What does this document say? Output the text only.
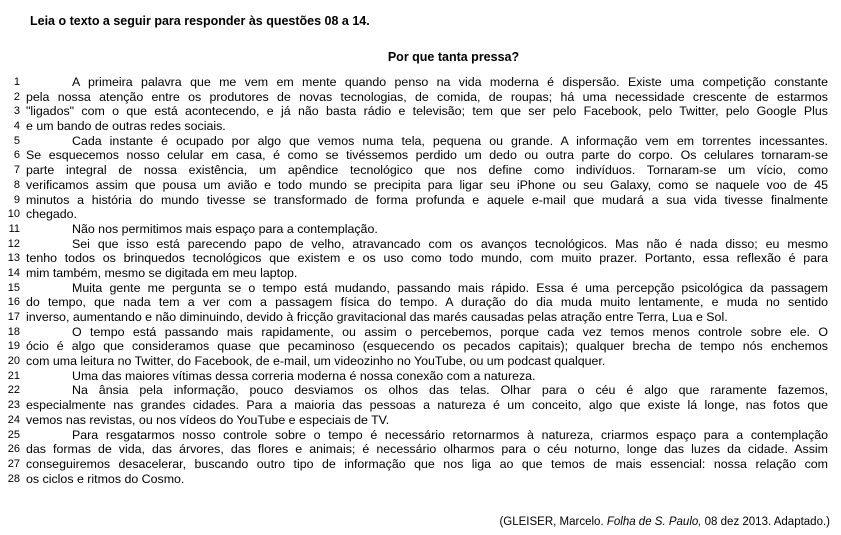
Leia o texto a seguir para responder às questões 08 a 14.
Por que tanta pressa?
1	A primeira palavra que me vem em mente quando penso na vida moderna é dispersão. Existe uma competição constante
2 pela nossa atenção entre os produtores de novas tecnologias, de comida, de roupas; há uma necessidade crescente de estarmos
3 "ligados" com o que está acontecendo, e já não basta rádio e televisão; tem que ser pelo Facebook, pelo Twitter, pelo Google Plus
4 e um bando de outras redes sociais.
5	Cada instante é ocupado por algo que vemos numa tela, pequena ou grande. A informação vem em torrentes incessantes.
6 Se esquecemos nosso celular em casa, é como se tivéssemos perdido um dedo ou outra parte do corpo. Os celulares tornaram-se
7 parte integral de nossa existência, um apêndice tecnológico que nos define como indivíduos. Tornaram-se um vício, como
8 verificamos assim que pousa um avião e todo mundo se precipita para ligar seu iPhone ou seu Galaxy, como se naquele voo de 45
9 minutos a história do mundo tivesse se transformado de forma profunda e aquele e-mail que mudará a sua vida tivesse finalmente
10 chegado.
11	Não nos permitimos mais espaço para a contemplação.
12	Sei que isso está parecendo papo de velho, atravancado com os avanços tecnológicos. Mas não é nada disso; eu mesmo
13 tenho todos os brinquedos tecnológicos que existem e os uso como todo mundo, com muito prazer. Portanto, essa reflexão é para
14 mim também, mesmo se digitada em meu laptop.
15	Muita gente me pergunta se o tempo está mudando, passando mais rápido. Essa é uma percepção psicológica da passagem
16 do tempo, que nada tem a ver com a passagem física do tempo. A duração do dia muda muito lentamente, e muda no sentido
17 inverso, aumentando e não diminuindo, devido à fricção gravitacional das marés causadas pelas atração entre Terra, Lua e Sol.
18	O tempo está passando mais rapidamente, ou assim o percebemos, porque cada vez temos menos controle sobre ele. O
19 ócio é algo que consideramos quase que pecaminoso (esquecendo os pecados capitais); qualquer brecha de tempo nós enchemos
20 com uma leitura no Twitter, do Facebook, de e-mail, um videozinho no YouTube, ou um podcast qualquer.
21	Uma das maiores vítimas dessa correria moderna é nossa conexão com a natureza.
22	Na ânsia pela informação, pouco desviamos os olhos das telas. Olhar para o céu é algo que raramente fazemos,
23 especialmente nas grandes cidades. Para a maioria das pessoas a natureza é um conceito, algo que existe lá longe, nas fotos que
24 vemos nas revistas, ou nos vídeos do YouTube e especiais de TV.
25	Para resgatarmos nosso controle sobre o tempo é necessário retornarmos à natureza, criarmos espaço para a contemplação
26 das formas de vida, das árvores, das flores e animais; é necessário olharmos para o céu noturno, longe das luzes da cidade. Assim
27 conseguiremos desacelerar, buscando outro tipo de informação que nos liga ao que temos de mais essencial: nossa relação com
28 os ciclos e ritmos do Cosmo.
(GLEISER, Marcelo. Folha de S. Paulo, 08 dez 2013. Adaptado.)
